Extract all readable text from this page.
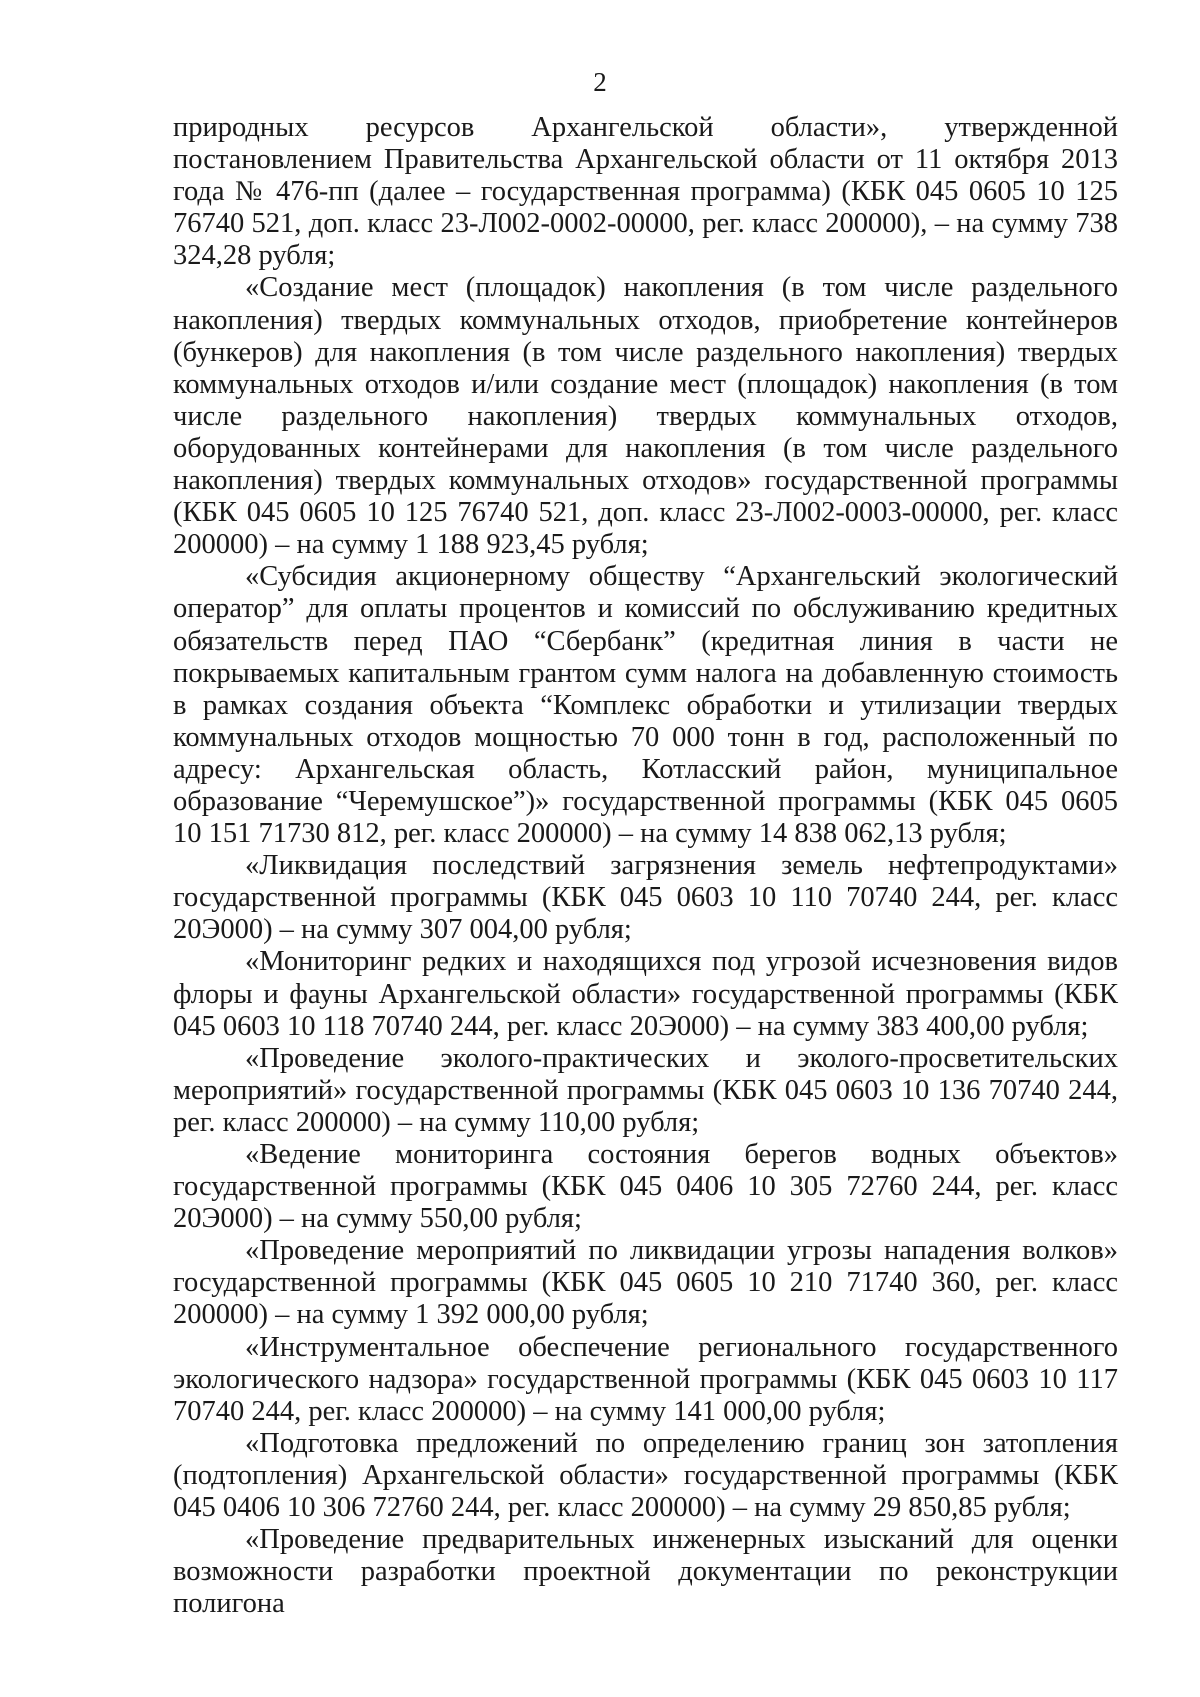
2

природных ресурсов Архангельской области», утвержденной постановлением Правительства Архангельской области от 11 октября 2013 года № 476-пп (далее – государственная программа) (КБК 045 0605 10 125 76740 521, доп. класс 23-Л002-0002-00000, рег. класс 200000), – на сумму 738 324,28 рубля;

«Создание мест (площадок) накопления (в том числе раздельного накопления) твердых коммунальных отходов, приобретение контейнеров (бункеров) для накопления (в том числе раздельного накопления) твердых коммунальных отходов и/или создание мест (площадок) накопления (в том числе раздельного накопления) твердых коммунальных отходов, оборудованных контейнерами для накопления (в том числе раздельного накопления) твердых коммунальных отходов» государственной программы (КБК 045 0605 10 125 76740 521, доп. класс 23-Л002-0003-00000, рег. класс 200000) – на сумму 1 188 923,45 рубля;

«Субсидия акционерному обществу “Архангельский экологический оператор” для оплаты процентов и комиссий по обслуживанию кредитных обязательств перед ПАО “Сбербанк” (кредитная линия в части не покрываемых капитальным грантом сумм налога на добавленную стоимость в рамках создания объекта “Комплекс обработки и утилизации твердых коммунальных отходов мощностью 70 000 тонн в год, расположенный по адресу: Архангельская область, Котласский район, муниципальное образование “Черемушское”)» государственной программы (КБК 045 0605 10 151 71730 812, рег. класс 200000) – на сумму 14 838 062,13 рубля;

«Ликвидация последствий загрязнения земель нефтепродуктами» государственной программы (КБК 045 0603 10 110 70740 244, рег. класс 20Э000) – на сумму 307 004,00 рубля;

«Мониторинг редких и находящихся под угрозой исчезновения видов флоры и фауны Архангельской области» государственной программы (КБК 045 0603 10 118 70740 244, рег. класс 20Э000) – на сумму 383 400,00 рубля;

«Проведение эколого-практических и эколого-просветительских мероприятий» государственной программы (КБК 045 0603 10 136 70740 244, рег. класс 200000) – на сумму 110,00 рубля;

«Ведение мониторинга состояния берегов водных объектов» государственной программы (КБК 045 0406 10 305 72760 244, рег. класс 20Э000) – на сумму 550,00 рубля;

«Проведение мероприятий по ликвидации угрозы нападения волков» государственной программы (КБК 045 0605 10 210 71740 360, рег. класс 200000) – на сумму 1 392 000,00 рубля;

«Инструментальное обеспечение регионального государственного экологического надзора» государственной программы (КБК 045 0603 10 117 70740 244, рег. класс 200000) – на сумму 141 000,00 рубля;

«Подготовка предложений по определению границ зон затопления (подтопления) Архангельской области» государственной программы (КБК 045 0406 10 306 72760 244, рег. класс 200000) – на сумму 29 850,85 рубля;

«Проведение предварительных инженерных изысканий для оценки возможности разработки проектной документации по реконструкции полигона
